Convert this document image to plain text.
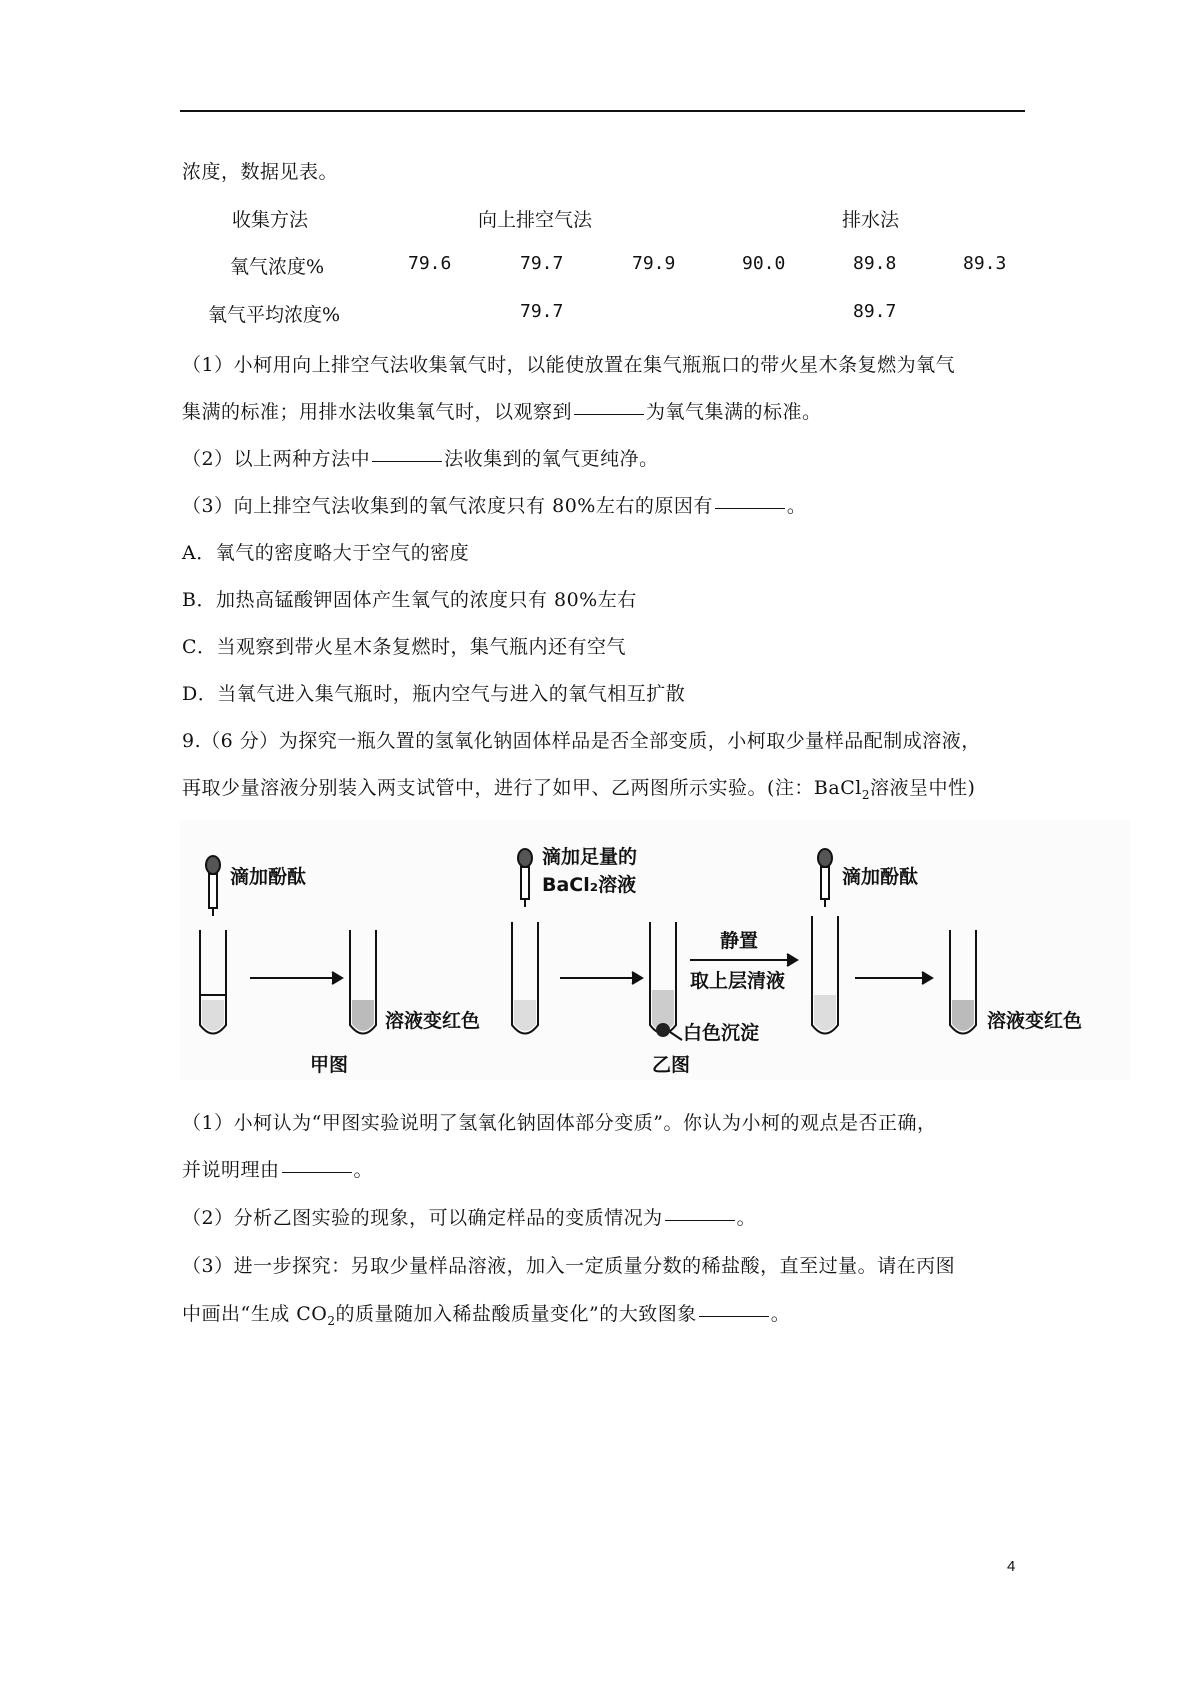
浓度，数据见表。
收集方法	向上排空气法	排水法
氧气浓度%	79.6	79.7	79.9	90.0	89.8	89.3
氧气平均浓度%	79.7	89.7
（1）小柯用向上排空气法收集氧气时，以能使放置在集气瓶瓶口的带火星木条复燃为氧气
集满的标准；用排水法收集氧气时，以观察到	为氧气集满的标准。
（2）以上两种方法中	法收集到的氧气更纯净。
（3）向上排空气法收集到的氧气浓度只有 80%左右的原因有	。
A．氧气的密度略大于空气的密度
B．加热高锰酸钾固体产生氧气的浓度只有 80%左右
C．当观察到带火星木条复燃时，集气瓶内还有空气
D．当氧气进入集气瓶时，瓶内空气与进入的氧气相互扩散
9.（6 分）为探究一瓶久置的氢氧化钠固体样品是否全部变质，小柯取少量样品配制成溶液，
再取少量溶液分别装入两支试管中，进行了如甲、乙两图所示实验。(注：BaCl$_2$溶液呈中性)
滴加酚酞
溶液变红色
甲图
滴加足量的
BaCl₂溶液
白色沉淀
乙图
静置
取上层清液
滴加酚酞
溶液变红色
（1）小柯认为“甲图实验说明了氢氧化钠固体部分变质”。你认为小柯的观点是否正确，
并说明理由	。
（2）分析乙图实验的现象，可以确定样品的变质情况为	。
（3）进一步探究：另取少量样品溶液，加入一定质量分数的稀盐酸，直至过量。请在丙图
中画出“生成 $CO_2$的质量随加入稀盐酸质量变化”的大致图象	。
4
